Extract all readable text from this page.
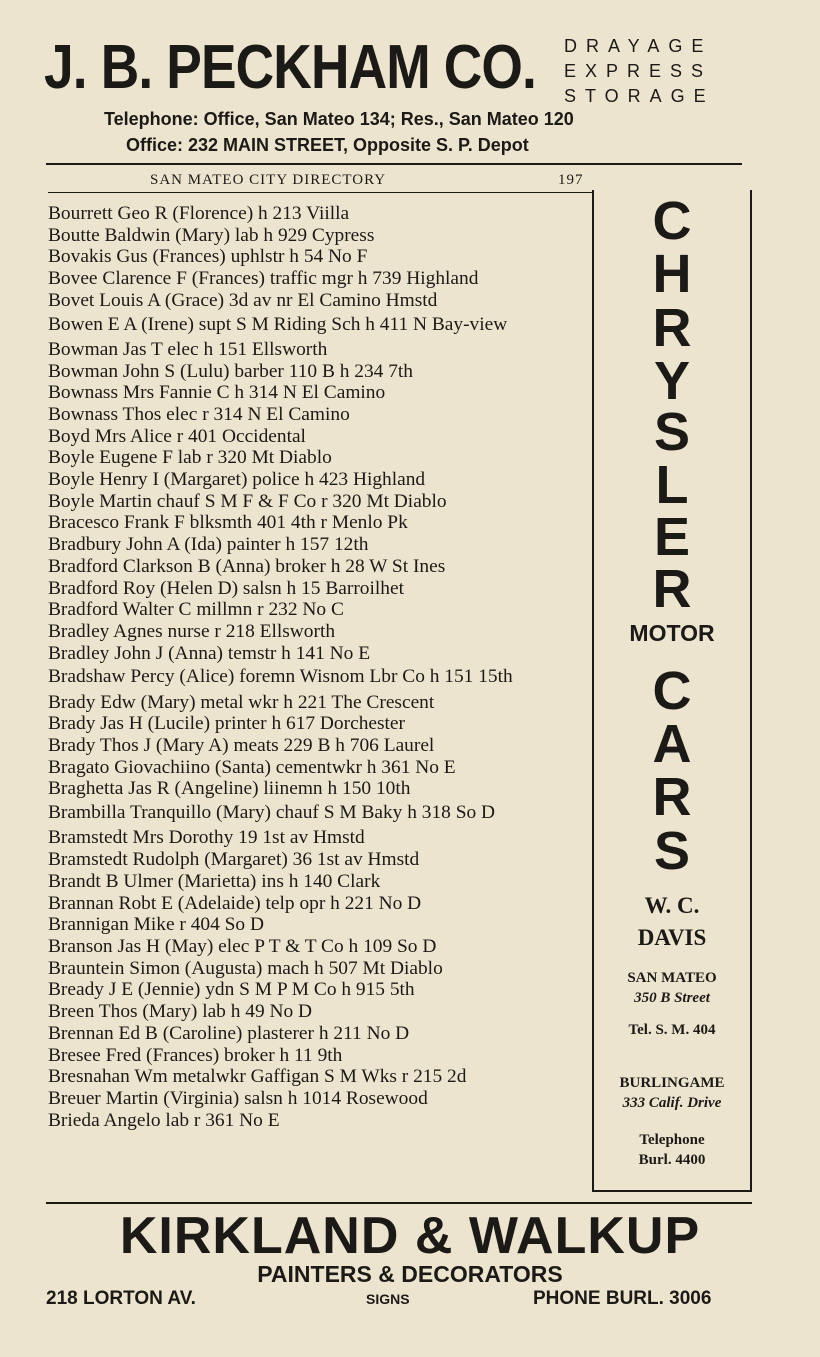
J. B. PECKHAM CO. DRAYAGE
EXPRESS
STORAGE
Telephone: Office, San Mateo 134; Res., San Mateo 120
Office: 232 MAIN STREET, Opposite S. P. Depot
SAN MATEO CITY DIRECTORY	197
Bourrett Geo R (Florence) h 213 Viilla
Boutte Baldwin (Mary) lab h 929 Cypress
Bovakis Gus (Frances) uphlstr h 54 No F
Bovee Clarence F (Frances) traffic mgr h 739 Highland
Bovet Louis A (Grace) 3d av nr El Camino Hmstd
Bowen E A (Irene) supt S M Riding Sch h 411 N Bay-view
Bowman Jas T elec h 151 Ellsworth
Bowman John S (Lulu) barber 110 B h 234 7th
Bownass Mrs Fannie C h 314 N El Camino
Bownass Thos elec r 314 N El Camino
Boyd Mrs Alice r 401 Occidental
Boyle Eugene F lab r 320 Mt Diablo
Boyle Henry I (Margaret) police h 423 Highland
Boyle Martin chauf S M F & F Co r 320 Mt Diablo
Bracesco Frank F blksmth 401 4th r Menlo Pk
Bradbury John A (Ida) painter h 157 12th
Bradford Clarkson B (Anna) broker h 28 W St Ines
Bradford Roy (Helen D) salsn h 15 Barroilhet
Bradford Walter C millmn r 232 No C
Bradley Agnes nurse r 218 Ellsworth
Bradley John J (Anna) temstr h 141 No E
Bradshaw Percy (Alice) foremn Wisnom Lbr Co h 151 15th
Brady Edw (Mary) metal wkr h 221 The Crescent
Brady Jas H (Lucile) printer h 617 Dorchester
Brady Thos J (Mary A) meats 229 B h 706 Laurel
Bragato Giovachiino (Santa) cementwkr h 361 No E
Braghetta Jas R (Angeline) liinemn h 150 10th
Brambilla Tranquillo (Mary) chauf S M Baky h 318 So D
Bramstedt Mrs Dorothy 19 1st av Hmstd
Bramstedt Rudolph (Margaret) 36 1st av Hmstd
Brandt B Ulmer (Marietta) ins h 140 Clark
Brannan Robt E (Adelaide) telp opr h 221 No D
Brannigan Mike r 404 So D
Branson Jas H (May) elec P T & T Co h 109 So D
Brauntein Simon (Augusta) mach h 507 Mt Diablo
Bready J E (Jennie) ydn S M P M Co h 915 5th
Breen Thos (Mary) lab h 49 No D
Brennan Ed B (Caroline) plasterer h 211 No D
Bresee Fred (Frances) broker h 11 9th
Bresnahan Wm metalwkr Gaffigan S M Wks r 215 2d
Breuer Martin (Virginia) salsn h 1014 Rosewood
Brieda Angelo lab r 361 No E
MOTOR
W. C.
DAVIS
SAN MATEO
350 B Street
Tel. S. M. 404
BURLINGAME
333 Calif. Drive
Telephone
Burl. 4400
C
H
R
Y
S
L
E
R
C
A
R
S
KIRKLAND & WALKUP
PAINTERS & DECORATORS
218 LORTON AV.	SIGNS	PHONE BURL. 3006
